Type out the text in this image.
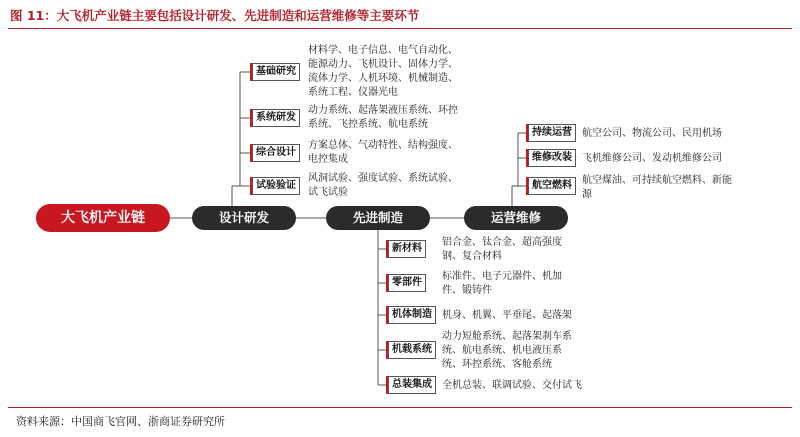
图 11：大飞机产业链主要包括设计研发、先进制造和运营维修等主要环节
大飞机产业链	设计研发	先进制造	运营维修
基础研究
材料学、电子信息、电气自动化、能源动力、飞机设计、固体力学、流体力学、人机环境、机械制造、系统工程、仪器光电
系统研发
动力系统、起落架液压系统、环控系统、飞控系统、航电系统
综合设计
方案总体、气动特性、结构强度、电控集成
试验验证
风洞试验、强度试验、系统试验、试飞试验
新材料
铝合金、钛合金、超高强度钢、复合材料
零部件
标准件、电子元器件、机加件、锻铸件
机体制造	机身、机翼、平垂尾、起落架
机载系统
动力短舱系统、起落架刹车系统、航电系统、机电液压系统、环控系统、客舱系统
总装集成	全机总装、联调试验、交付试飞
持续运营	航空公司、物流公司、民用机场
维修改装	飞机维修公司、发动机维修公司
航空燃料	航空煤油、可持续航空燃料、新能源
资料来源：中国商飞官网、浙商证券研究所
